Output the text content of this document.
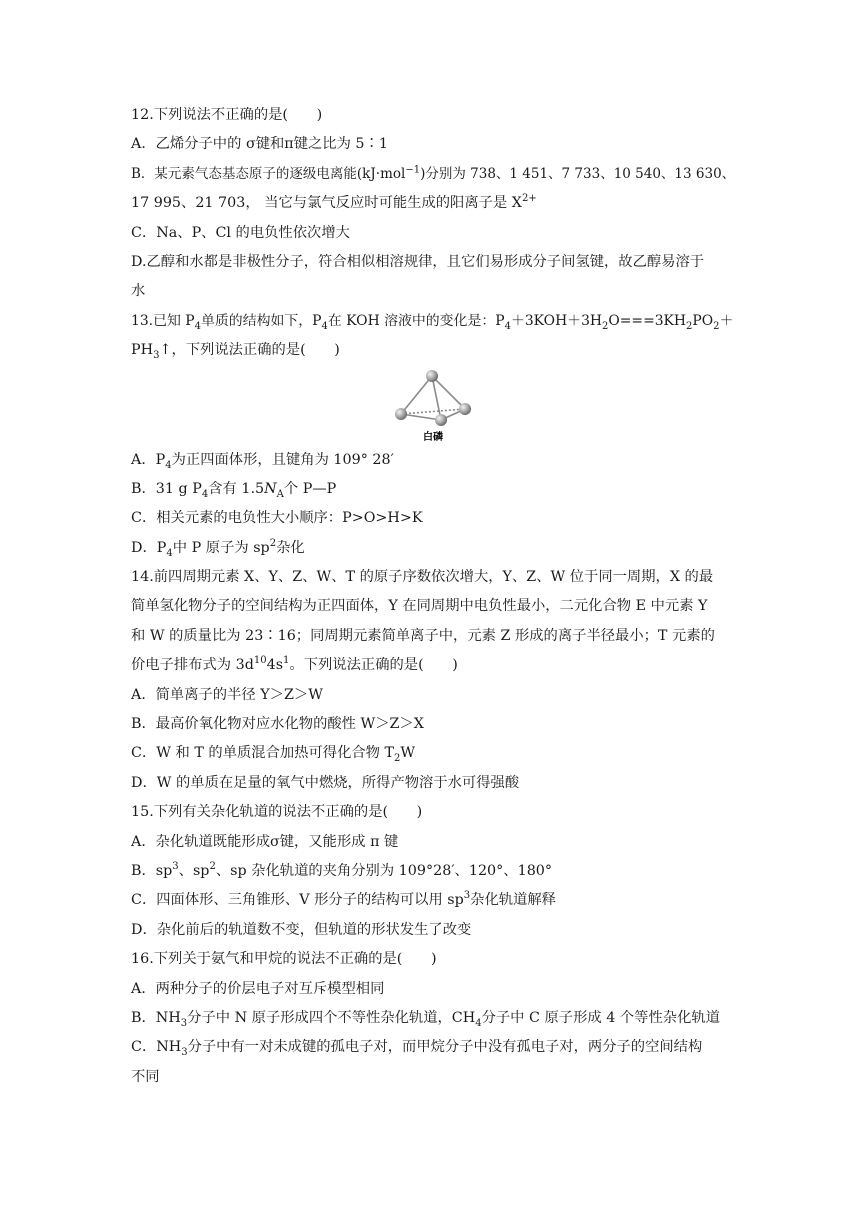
12.下列说法不正确的是(　　)
A．乙烯分子中的 σ键和π键之比为 5∶1
B．某元素气态基态原子的逐级电离能(kJ·mol$^{-1}$)分别为 738、1 451、7 733、10 540、13 630、
17 995、21 703， 当它与氯气反应时可能生成的阳离子是 $X^{2+}$
C．Na、P、Cl 的电负性依次增大
D.乙醇和水都是非极性分子，符合相似相溶规律，且它们易形成分子间氢键，故乙醇易溶于
水
13.已知 $P_4$单质的结构如下，$P_4$在 KOH 溶液中的变化是：$P_4+3KOH+3H_2O===3KH_2PO_2+$
$PH_3↑$，下列说法正确的是(　　)
白磷
A．$P_4$为正四面体形，且键角为 109° 28′
B．31 g $P_4$含有 $1.5N_A$个 P—P
C．相关元素的电负性大小顺序：P>O>H>K
D．$P_4$中 P 原子为 $sp^2$杂化
14.前四周期元素 X、Y、Z、W、T 的原子序数依次增大，Y、Z、W 位于同一周期，X 的最
简单氢化物分子的空间结构为正四面体，Y 在同周期中电负性最小，二元化合物 E 中元素 Y
和 W 的质量比为 23∶16；同周期元素简单离子中，元素 Z 形成的离子半径最小；T 元素的
价电子排布式为 $3d^{10}4s^1$。下列说法正确的是(　　)
A．简单离子的半径 Y＞Z＞W
B．最高价氧化物对应水化物的酸性 W＞Z＞X
C．W 和 T 的单质混合加热可得化合物 $T_2W$
D．W 的单质在足量的氧气中燃烧，所得产物溶于水可得强酸
15.下列有关杂化轨道的说法不正确的是(　　)
A．杂化轨道既能形成σ键，又能形成 π 键
B．$sp^3$、$sp^2$、sp 杂化轨道的夹角分别为 109°28′、120°、180°
C．四面体形、三角锥形、V 形分子的结构可以用 $sp^3$杂化轨道解释
D．杂化前后的轨道数不变，但轨道的形状发生了改变
16.下列关于氨气和甲烷的说法不正确的是(　　)
A．两种分子的价层电子对互斥模型相同
B．$NH_3$分子中 N 原子形成四个不等性杂化轨道，$CH_4$分子中 C 原子形成 4 个等性杂化轨道
C．$NH_3$分子中有一对未成键的孤电子对，而甲烷分子中没有孤电子对，两分子的空间结构
不同
